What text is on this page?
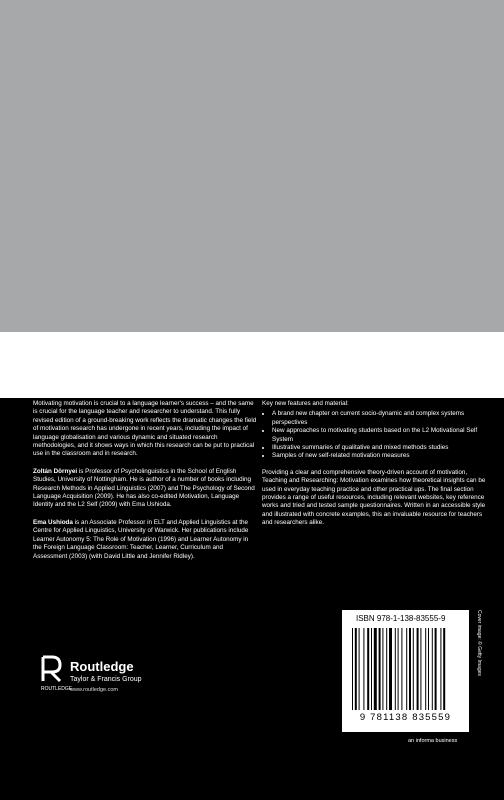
Motivating motivation is crucial to a language learner's success – and the same is crucial for the language teacher and researcher to understand. This fully revised edition of a ground-breaking work reflects the dramatic changes the field of motivation research has undergone in recent years, including the impact of language globalisation and various dynamic and situated research methodologies, and it shows ways in which this research can be put to practical use in the classroom and in research.

Zoltán Dörnyei is Professor of Psycholinguistics in the School of English Studies, University of Nottingham. He is author of a number of books including Research Methods in Applied Linguistics (2007) and The Psychology of Second Language Acquisition (2009). He has also co-edited Motivation, Language Identity and the L2 Self (2009) with Ema Ushioda.

Ema Ushioda is an Associate Professor in ELT and Applied Linguistics at the Centre for Applied Linguistics, University of Warwick. Her publications include Learner Autonomy 5: The Role of Motivation (1996) and Learner Autonomy in the Foreign Language Classroom: Teacher, Learner, Curriculum and Assessment (2003) (with David Little and Jennifer Ridley).

Key new features and material:

• A brand new chapter on current socio-dynamic and complex systems perspectives
• New approaches to motivating students based on the L2 Motivational Self System
• Illustrative summaries of qualitative and mixed methods studies
• Samples of new self-related motivation measures

Providing a clear and comprehensive theory-driven account of motivation, Teaching and Researching: Motivation examines how theoretical insights can be used in everyday teaching practice and other practical ups. The final section provides a range of useful resources, including relevant websites, key reference works and tried and tested sample questionnaires. Written in an accessible style and illustrated with concrete examples, this an invaluable resource for teachers and researchers alike.

ROUTLEDGE
Routledge
Taylor & Francis Group
www.routledge.com
ISBN 978-1-138-83555-9
9 781138 835559
Cover image: © Getty Images
an informa business
